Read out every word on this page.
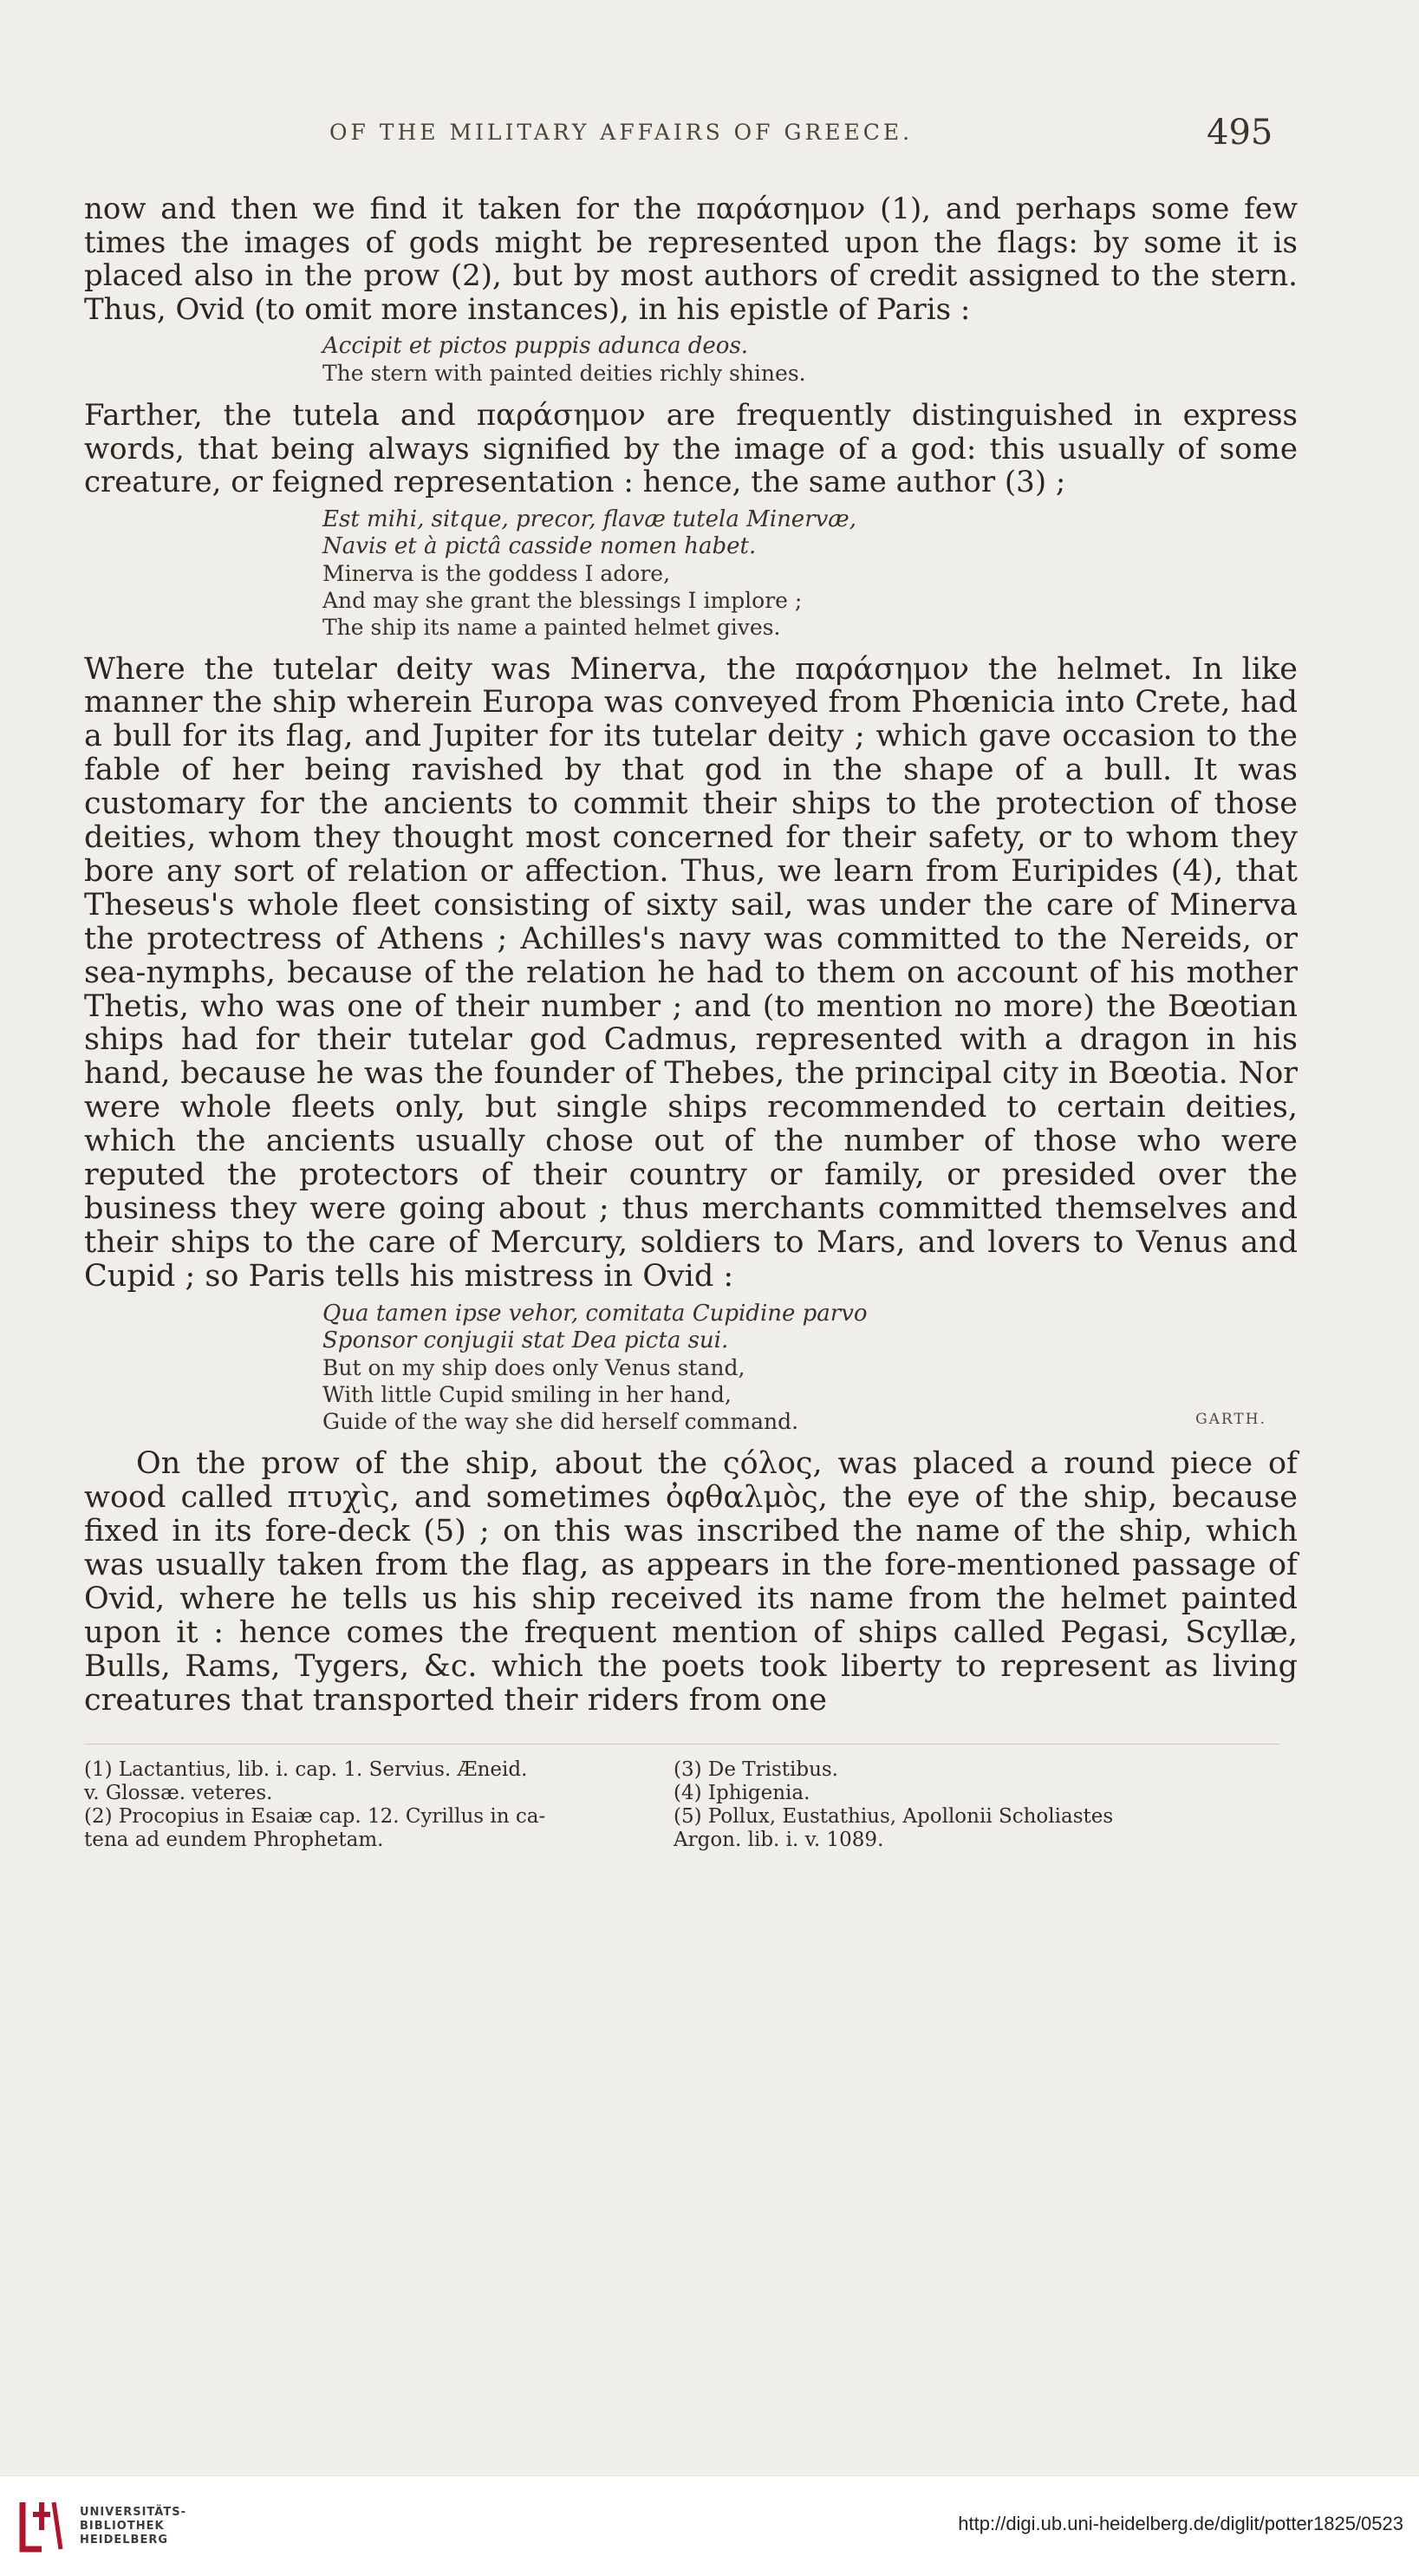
OF THE MILITARY AFFAIRS OF GREECE.	495

now and then we find it taken for the παράσημον (1), and perhaps some few times the images of gods might be represented upon the flags: by some it is placed also in the prow (2), but by most authors of credit assigned to the stern. Thus, Ovid (to omit more instances), in his epistle of Paris :

Accipit et pictos puppis adunca deos.
The stern with painted deities richly shines.

Farther, the tutela and παράσημον are frequently distinguished in express words, that being always signified by the image of a god: this usually of some creature, or feigned representation : hence, the same author (3) ;

Est mihi, sitque, precor, flavæ tutela Minervæ,
Navis et à pictâ casside nomen habet.
Minerva is the goddess I adore,
And may she grant the blessings I implore ;
The ship its name a painted helmet gives.

Where the tutelar deity was Minerva, the παράσημον the helmet. In like manner the ship wherein Europa was conveyed from Phœnicia into Crete, had a bull for its flag, and Jupiter for its tutelar deity ; which gave occasion to the fable of her being ravished by that god in the shape of a bull. It was customary for the ancients to commit their ships to the protection of those deities, whom they thought most concerned for their safety, or to whom they bore any sort of relation or affection. Thus, we learn from Euripides (4), that Theseus's whole fleet consisting of sixty sail, was under the care of Minerva the protectress of Athens ; Achilles's navy was committed to the Nereids, or sea-nymphs, because of the relation he had to them on account of his mother Thetis, who was one of their number ; and (to mention no more) the Bœotian ships had for their tutelar god Cadmus, represented with a dragon in his hand, because he was the founder of Thebes, the principal city in Bœotia. Nor were whole fleets only, but single ships recommended to certain deities, which the ancients usually chose out of the number of those who were reputed the protectors of their country or family, or presided over the business they were going about ; thus merchants committed themselves and their ships to the care of Mercury, soldiers to Mars, and lovers to Venus and Cupid ; so Paris tells his mistress in Ovid :

Qua tamen ipse vehor, comitata Cupidine parvo
Sponsor conjugii stat Dea picta sui.
But on my ship does only Venus stand,
With little Cupid smiling in her hand,
Guide of the way she did herself command.	GARTH.

On the prow of the ship, about the ςόλος, was placed a round piece of wood called πτυχὶς, and sometimes ὀφθαλμὸς, the eye of the ship, because fixed in its fore-deck (5) ; on this was inscribed the name of the ship, which was usually taken from the flag, as appears in the fore-mentioned passage of Ovid, where he tells us his ship received its name from the helmet painted upon it : hence comes the frequent mention of ships called Pegasi, Scyllæ, Bulls, Rams, Tygers, &c. which the poets took liberty to represent as living creatures that transported their riders from one

(1) Lactantius, lib. i. cap. 1. Servius. Æneid.
v. Glossæ. veteres.
(2) Procopius in Esaiæ cap. 12. Cyrillus in ca-
tena ad eundem Phrophetam.
(3) De Tristibus.
(4) Iphigenia.
(5) Pollux, Eustathius, Apollonii Scholiastes
Argon. lib. i. v. 1089.
UNIVERSITÄTS-
BIBLIOTHEK
HEIDELBERG
http://digi.ub.uni-heidelberg.de/diglit/potter1825/0523
